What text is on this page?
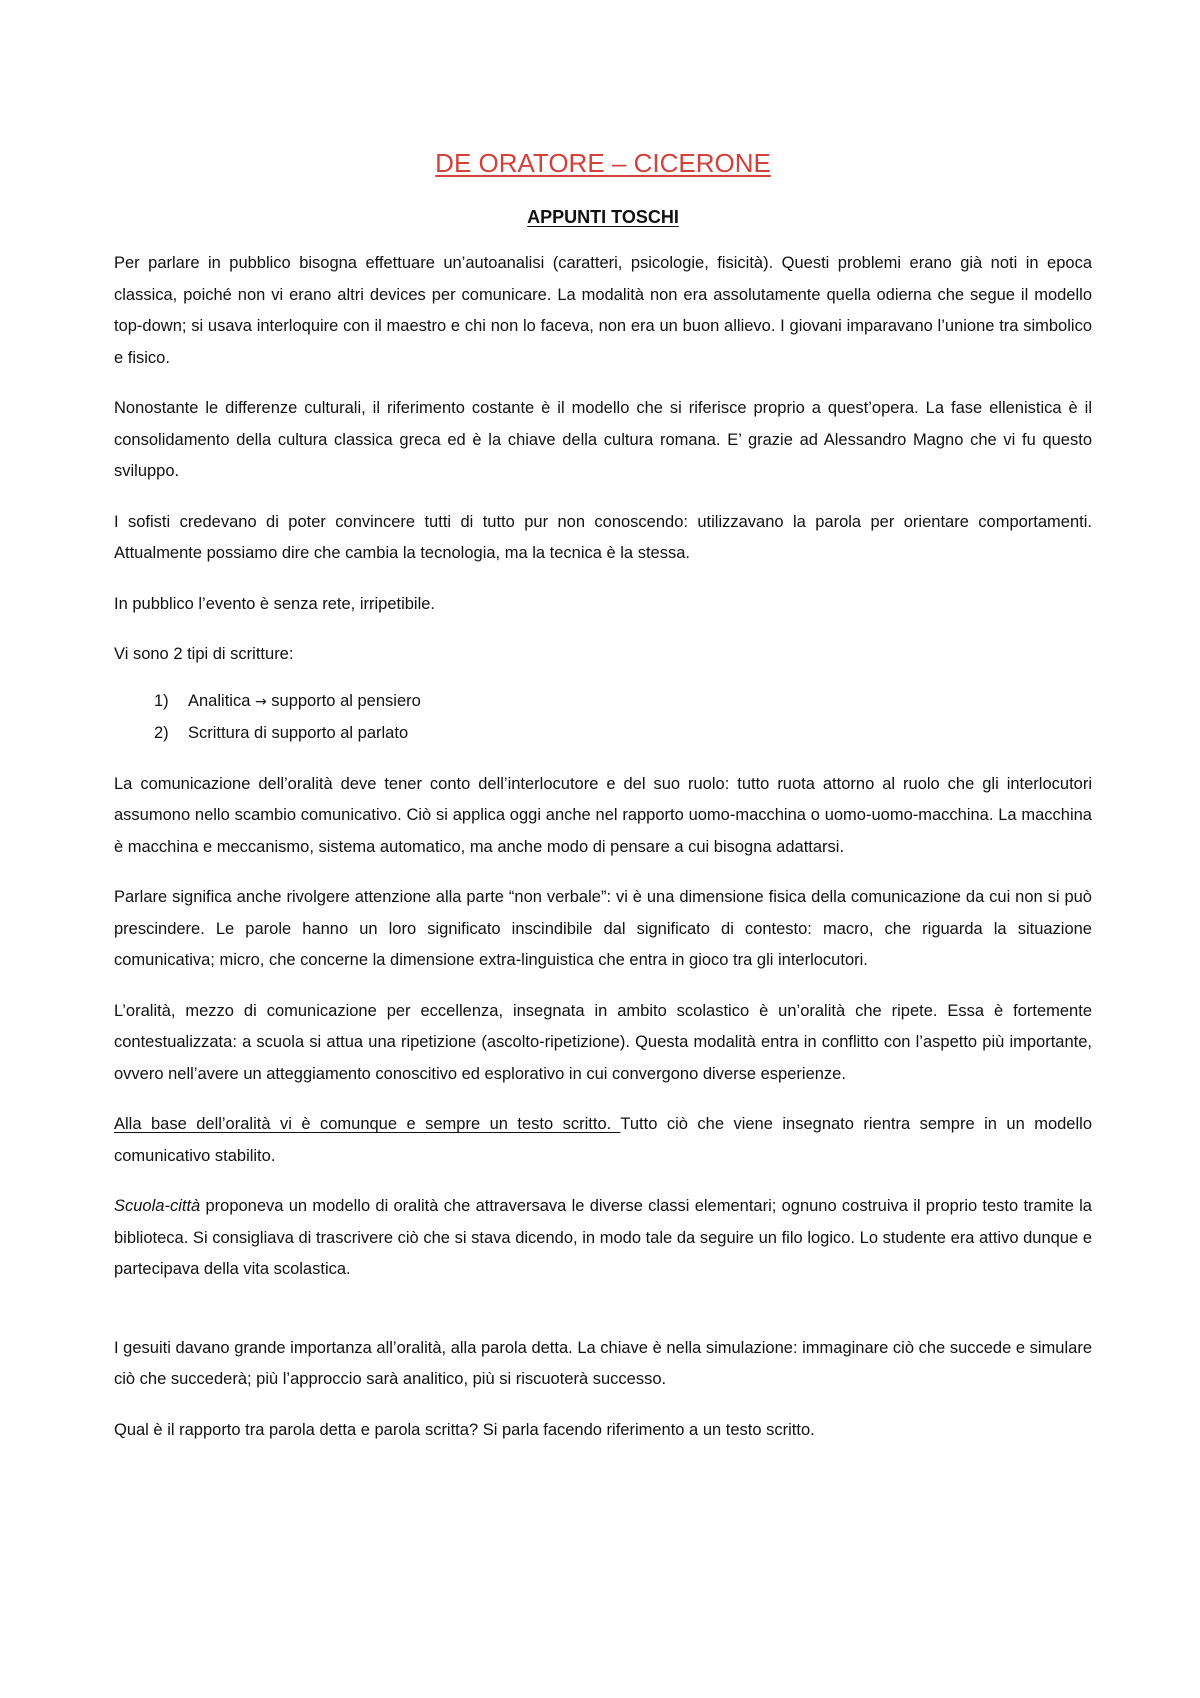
DE ORATORE – CICERONE
APPUNTI TOSCHI

Per parlare in pubblico bisogna effettuare un’autoanalisi (caratteri, psicologie, fisicità). Questi problemi erano già noti in epoca classica, poiché non vi erano altri devices per comunicare. La modalità non era assolutamente quella odierna che segue il modello top-down; si usava interloquire con il maestro e chi non lo faceva, non era un buon allievo. I giovani imparavano l’unione tra simbolico e fisico.

Nonostante le differenze culturali, il riferimento costante è il modello che si riferisce proprio a quest’opera. La fase ellenistica è il consolidamento della cultura classica greca ed è la chiave della cultura romana. E’ grazie ad Alessandro Magno che vi fu questo sviluppo.

I sofisti credevano di poter convincere tutti di tutto pur non conoscendo: utilizzavano la parola per orientare comportamenti. Attualmente possiamo dire che cambia la tecnologia, ma la tecnica è la stessa.

In pubblico l’evento è senza rete, irripetibile.

Vi sono 2 tipi di scritture:

1) Analitica → supporto al pensiero
2) Scrittura di supporto al parlato

La comunicazione dell’oralità deve tener conto dell’interlocutore e del suo ruolo: tutto ruota attorno al ruolo che gli interlocutori assumono nello scambio comunicativo. Ciò si applica oggi anche nel rapporto uomo-macchina o uomo-uomo-macchina. La macchina è macchina e meccanismo, sistema automatico, ma anche modo di pensare a cui bisogna adattarsi.

Parlare significa anche rivolgere attenzione alla parte “non verbale”: vi è una dimensione fisica della comunicazione da cui non si può prescindere. Le parole hanno un loro significato inscindibile dal significato di contesto: macro, che riguarda la situazione comunicativa; micro, che concerne la dimensione extra-linguistica che entra in gioco tra gli interlocutori.

L’oralità, mezzo di comunicazione per eccellenza, insegnata in ambito scolastico è un’oralità che ripete. Essa è fortemente contestualizzata: a scuola si attua una ripetizione (ascolto-ripetizione). Questa modalità entra in conflitto con l’aspetto più importante, ovvero nell’avere un atteggiamento conoscitivo ed esplorativo in cui convergono diverse esperienze.

Alla base dell’oralità vi è comunque e sempre un testo scritto. Tutto ciò che viene insegnato rientra sempre in un modello comunicativo stabilito.

Scuola-città proponeva un modello di oralità che attraversava le diverse classi elementari; ognuno costruiva il proprio testo tramite la biblioteca. Si consigliava di trascrivere ciò che si stava dicendo, in modo tale da seguire un filo logico. Lo studente era attivo dunque e partecipava della vita scolastica.

I gesuiti davano grande importanza all’oralità, alla parola detta. La chiave è nella simulazione: immaginare ciò che succede e simulare ciò che succederà; più l’approccio sarà analitico, più si riscuoterà successo.

Qual è il rapporto tra parola detta e parola scritta? Si parla facendo riferimento a un testo scritto.
